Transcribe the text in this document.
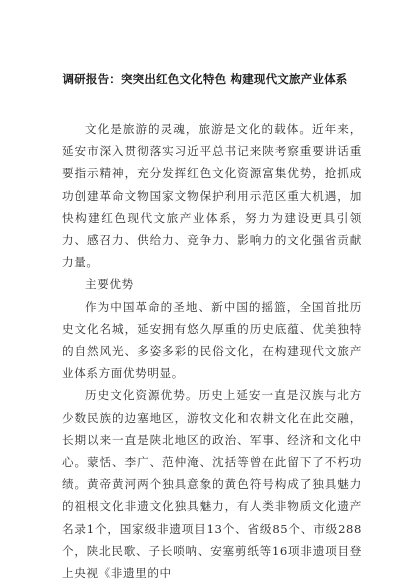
调研报告：突突出红色文化特色 构建现代文旅产业体系

文化是旅游的灵魂，旅游是文化的载体。近年来，延安市深入贯彻落实习近平总书记来陕考察重要讲话重要指示精神，充分发挥红色文化资源富集优势，抢抓成功创建革命文物国家文物保护利用示范区重大机遇，加快构建红色现代文旅产业体系，努力为建设更具引领力、感召力、供给力、竞争力、影响力的文化强省贡献力量。

主要优势

作为中国革命的圣地、新中国的摇篮，全国首批历史文化名城，延安拥有悠久厚重的历史底蕴、优美独特的自然风光、多姿多彩的民俗文化，在构建现代文旅产业体系方面优势明显。

历史文化资源优势。历史上延安一直是汉族与北方少数民族的边塞地区，游牧文化和农耕文化在此交融，长期以来一直是陕北地区的政治、军事、经济和文化中心。蒙恬、李广、范仲淹、沈括等曾在此留下了不朽功绩。黄帝黄河两个独具意象的黄色符号构成了独具魅力的祖根文化非遗文化独具魅力，有人类非物质文化遗产名录1个，国家级非遗项目13个、省级85个、市级288个，陕北民歌、子长唢呐、安塞剪纸等16项非遗项目登上央视《非遗里的中
